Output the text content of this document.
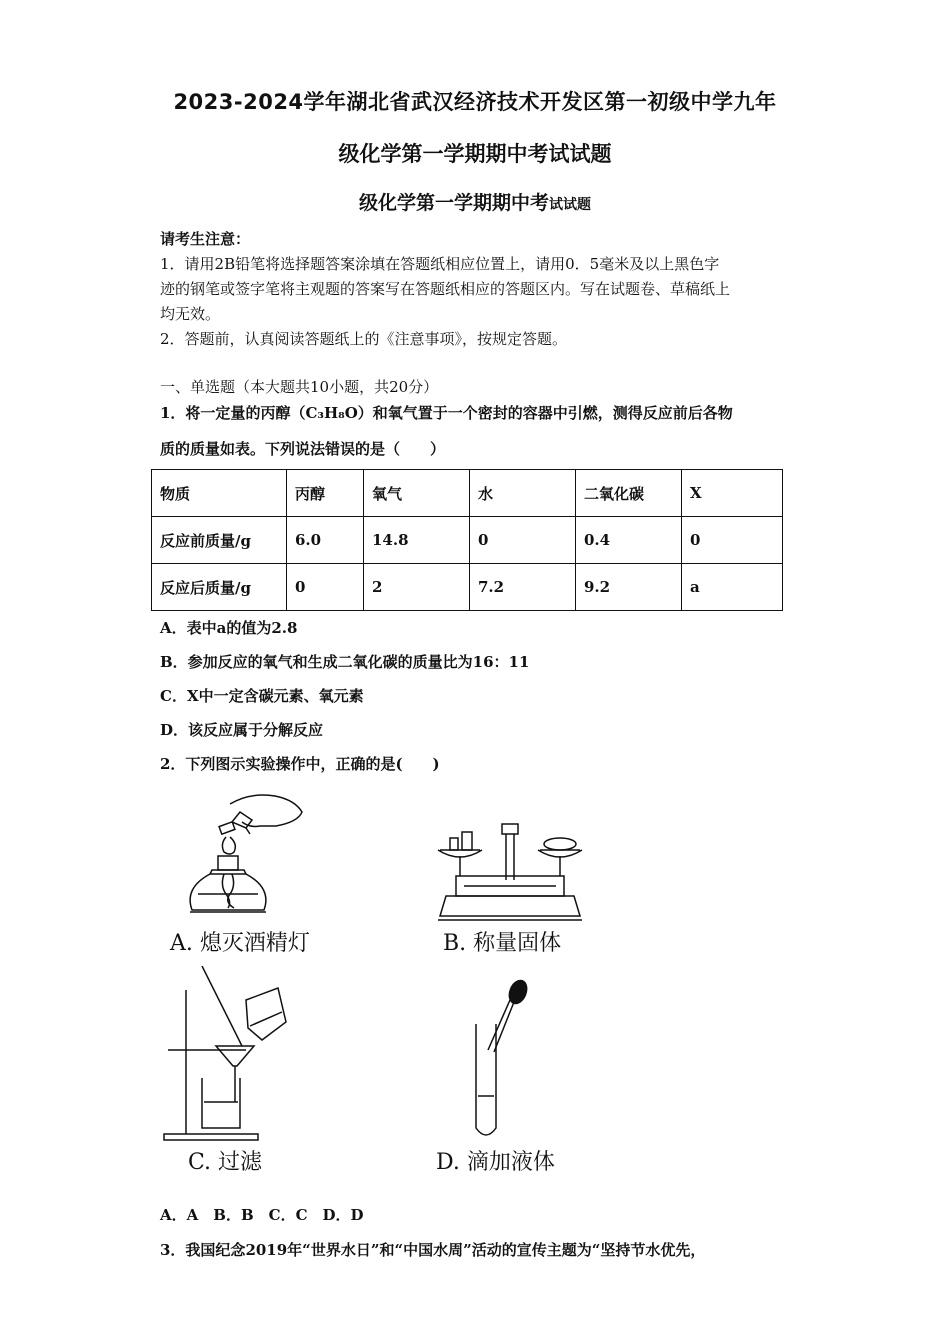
2023-2024学年湖北省武汉经济技术开发区第一初级中学九年
级化学第一学期期中考试试题
级化学第一学期期中考试试题
请考生注意：
1．请用2B铅笔将选择题答案涂填在答题纸相应位置上，请用0．5毫米及以上黑色字
迹的钢笔或签字笔将主观题的答案写在答题纸相应的答题区内。写在试题卷、草稿纸上
均无效。
2．答题前，认真阅读答题纸上的《注意事项》，按规定答题。
一、单选题（本大题共10小题，共20分）
1．将一定量的丙醇（C₃H₈O）和氧气置于一个密封的容器中引燃，测得反应前后各物
质的质量如表。下列说法错误的是（　　）
物质	丙醇	氧气	水	二氧化碳	X
反应前质量/g	6.0	14.8	0	0.4	0
反应后质量/g	0	2	7.2	9.2	a
A．表中a的值为2.8
B．参加反应的氧气和生成二氧化碳的质量比为16：11
C．X中一定含碳元素、氧元素
D．该反应属于分解反应
2．下列图示实验操作中，正确的是(　　)
A. 熄灭酒精灯	B. 称量固体
C. 过滤	D. 滴加液体
A．A　B．B　C．C　D．D
3．我国纪念2019年“世界水日”和“中国水周”活动的宣传主题为“坚持节水优先，
